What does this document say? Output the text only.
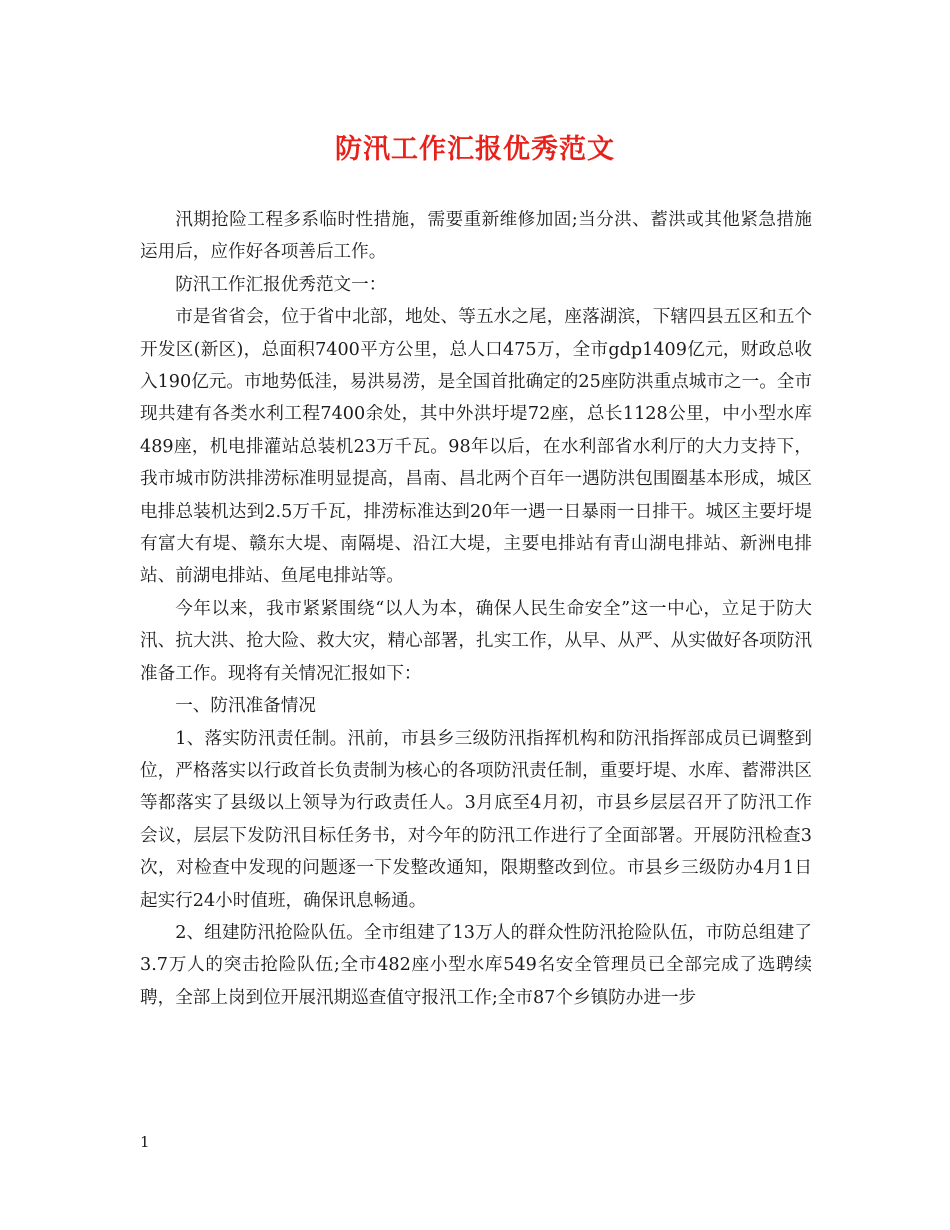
防汛工作汇报优秀范文

汛期抢险工程多系临时性措施，需要重新维修加固;当分洪、蓄洪或其他紧急措施运用后，应作好各项善后工作。

防汛工作汇报优秀范文一：

市是省省会，位于省中北部，地处、等五水之尾，座落湖滨，下辖四县五区和五个开发区(新区)，总面积7400平方公里，总人口475万，全市gdp1409亿元，财政总收入190亿元。市地势低洼，易洪易涝，是全国首批确定的25座防洪重点城市之一。全市现共建有各类水利工程7400余处，其中外洪圩堤72座，总长1128公里，中小型水库489座，机电排灌站总装机23万千瓦。98年以后，在水利部省水利厅的大力支持下，我市城市防洪排涝标准明显提高，昌南、昌北两个百年一遇防洪包围圈基本形成，城区电排总装机达到2.5万千瓦，排涝标准达到20年一遇一日暴雨一日排干。城区主要圩堤有富大有堤、赣东大堤、南隔堤、沿江大堤，主要电排站有青山湖电排站、新洲电排站、前湖电排站、鱼尾电排站等。

今年以来，我市紧紧围绕“以人为本，确保人民生命安全”这一中心，立足于防大汛、抗大洪、抢大险、救大灾，精心部署，扎实工作，从早、从严、从实做好各项防汛准备工作。现将有关情况汇报如下：

一、防汛准备情况

1、落实防汛责任制。汛前，市县乡三级防汛指挥机构和防汛指挥部成员已调整到位，严格落实以行政首长负责制为核心的各项防汛责任制，重要圩堤、水库、蓄滞洪区等都落实了县级以上领导为行政责任人。3月底至4月初，市县乡层层召开了防汛工作会议，层层下发防汛目标任务书，对今年的防汛工作进行了全面部署。开展防汛检查3次，对检查中发现的问题逐一下发整改通知，限期整改到位。市县乡三级防办4月1日起实行24小时值班，确保讯息畅通。

2、组建防汛抢险队伍。全市组建了13万人的群众性防汛抢险队伍，市防总组建了3.7万人的突击抢险队伍;全市482座小型水库549名安全管理员已全部完成了选聘续聘，全部上岗到位开展汛期巡查值守报汛工作;全市87个乡镇防办进一步

1
